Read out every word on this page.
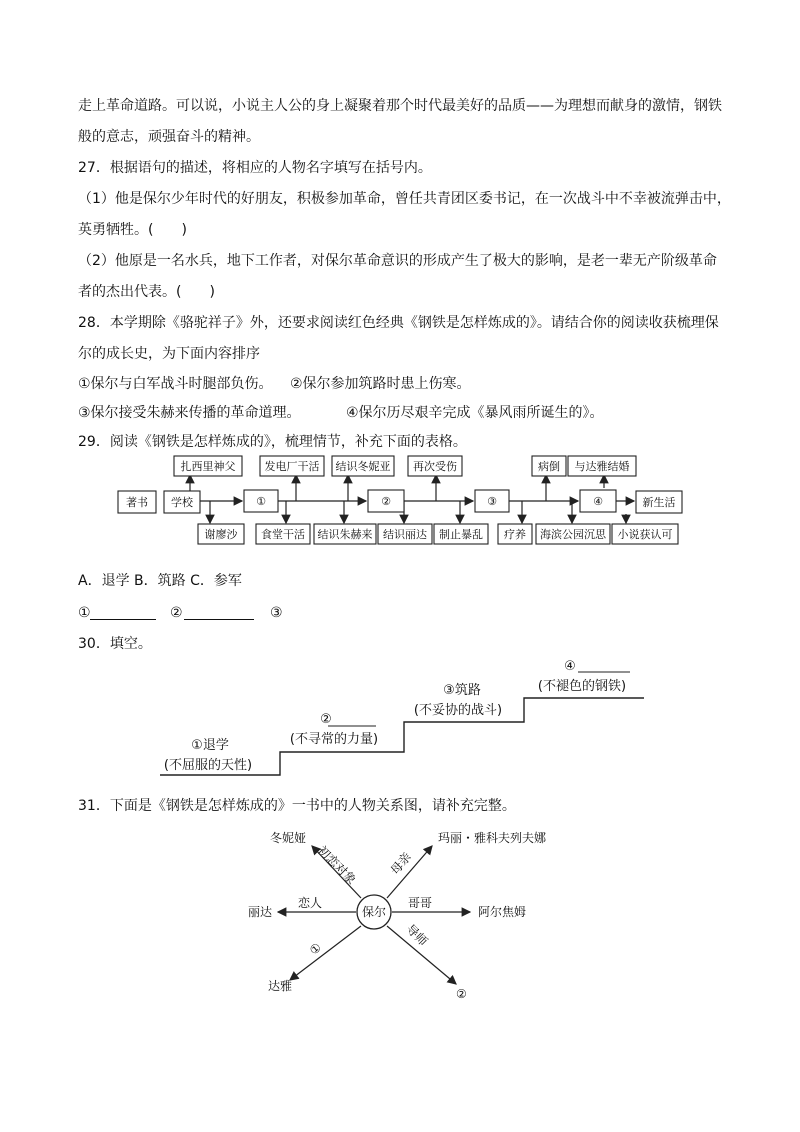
走上革命道路。可以说，小说主人公的身上凝聚着那个时代最美好的品质——为理想而献身的激情，钢铁
般的意志，顽强奋斗的精神。
27．根据语句的描述，将相应的人物名字填写在括号内。
（1）他是保尔少年时代的好朋友，积极参加革命，曾任共青团区委书记，在一次战斗中不幸被流弹击中，
英勇牺牲。(　　)
（2）他原是一名水兵，地下工作者，对保尔革命意识的形成产生了极大的影响，是老一辈无产阶级革命
者的杰出代表。(　　)
28．本学期除《骆驼祥子》外，还要求阅读红色经典《钢铁是怎样炼成的》。请结合你的阅读收获梳理保
尔的成长史，为下面内容排序
①保尔与白军战斗时腿部负伤。	②保尔参加筑路时患上伤寒。
③保尔接受朱赫来传播的革命道理。	④保尔历尽艰辛完成《暴风雨所诞生的》。
29．阅读《钢铁是怎样炼成的》，梳理情节，补充下面的表格。
著书 学校	①	②	③	④	新生活
扎西里神父	发电厂干活 结识冬妮亚 再次受伤	病倒 与达雅结婚
谢廖沙 食堂干活 结识朱赫来 结识丽达 制止暴乱 疗养 海滨公园沉思 小说获认可
A．退学 B．筑路 C．参军
①	②	③
30．填空。
①退学
(不屈服的天性)
②
(不寻常的力量)
③筑路
(不妥协的战斗)
④
(不褪色的钢铁)
31．下面是《钢铁是怎样炼成的》一书中的人物关系图，请补充完整。
保尔
冬妮娅	玛丽・雅科夫列夫娜
丽达	阿尔焦姆
达雅
②
初恋对象 母亲
恋人	哥哥
①
导师
